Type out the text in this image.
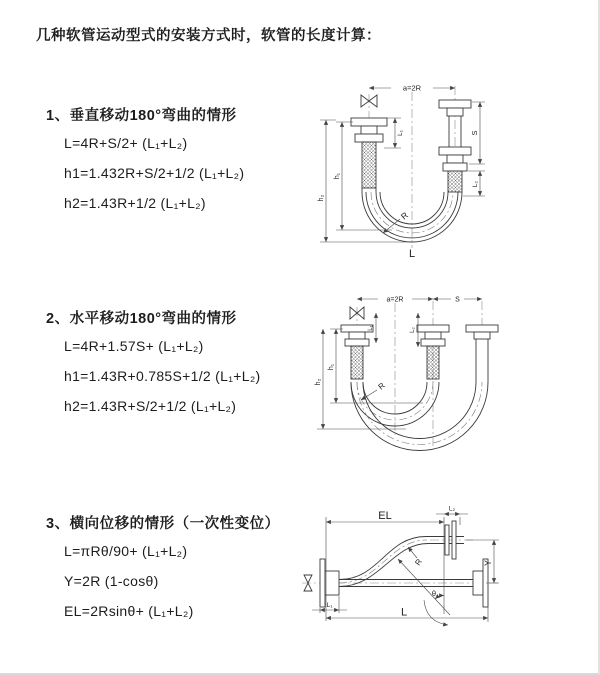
几种软管运动型式的安装方式时，软管的长度计算：
1、垂直移动180°弯曲的情形
L=4R+S/2+ (L₁+L₂)
h1=1.432R+S/2+1/2 (L₁+L₂)
h2=1.43R+1/2 (L₁+L₂)
a=2R
S
L₂
L₁
h₁
h₂
R
L
2、水平移动180°弯曲的情形
L=4R+1.57S+ (L₁+L₂)
h1=1.43R+0.785S+1/2 (L₁+L₂)
h2=1.43R+S/2+1/2 (L₁+L₂)
a=2R	S
L₁	L₂
h₁
h₂	R
3、横向位移的情形（一次性变位）
L=πRθ/90+ (L₁+L₂)
Y=2R (1-cosθ)
EL=2Rsinθ+ (L₁+L₂)
EL
L₂
Y
L
L₁
R
θ
